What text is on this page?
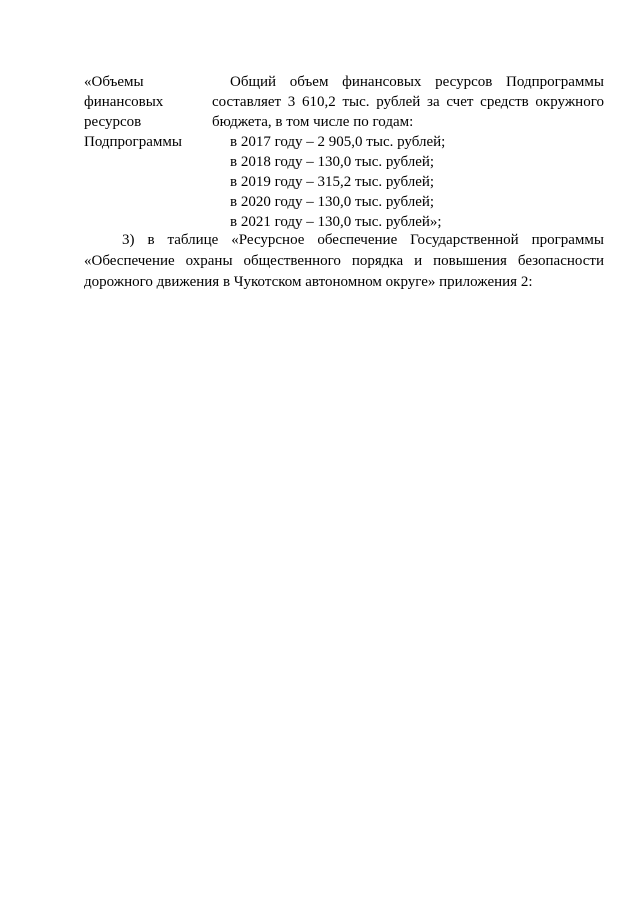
«Объемы
финансовых
ресурсов
Подпрограммы
Общий объем финансовых ресурсов Подпрограммы
составляет 3 610,2 тыс. рублей за счет средств окружного
бюджета, в том числе по годам:
в 2017 году – 2 905,0 тыс. рублей;
в 2018 году – 130,0 тыс. рублей;
в 2019 году – 315,2 тыс. рублей;
в 2020 году – 130,0 тыс. рублей;
в 2021 году – 130,0 тыс. рублей»;
3) в таблице «Ресурсное обеспечение Государственной программы
«Обеспечение охраны общественного порядка и повышения безопасности
дорожного движения в Чукотском автономном округе» приложения 2:
